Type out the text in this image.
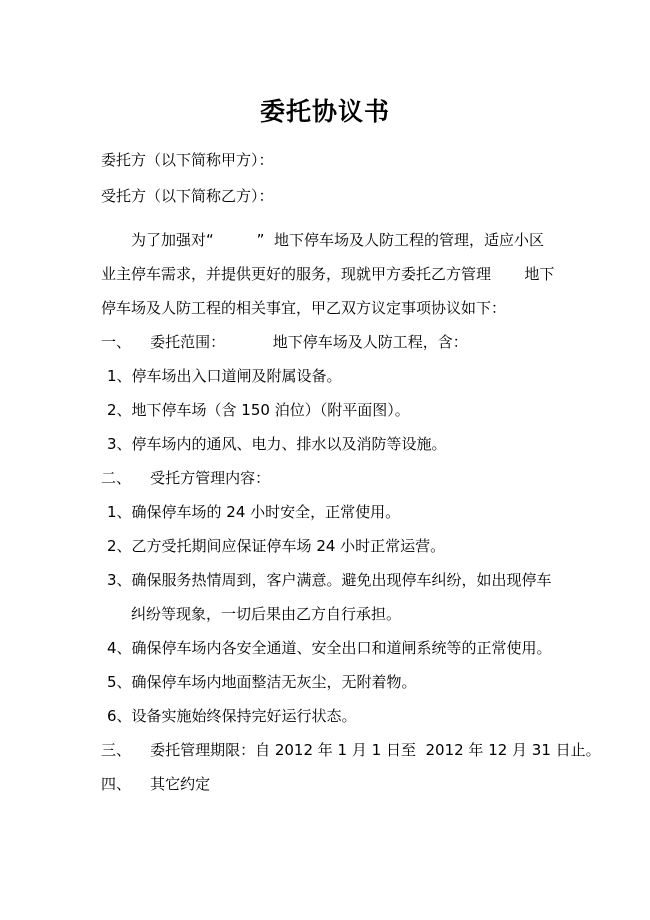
委托协议书
委托方（以下简称甲方）：
受托方（以下简称乙方）：
为了加强对“         ”  地下停车场及人防工程的管理，适应小区
业主停车需求，并提供更好的服务，现就甲方委托乙方管理       地下
停车场及人防工程的相关事宜，甲乙双方议定事项协议如下：
一、    委托范围：          地下停车场及人防工程，含：
1、停车场出入口道闸及附属设备。
2、地下停车场（含 150 泊位）（附平面图）。
3、停车场内的通风、电力、排水以及消防等设施。
二、    受托方管理内容：
1、确保停车场的 24 小时安全，正常使用。
2、乙方受托期间应保证停车场 24 小时正常运营。
3、确保服务热情周到，客户满意。避免出现停车纠纷，如出现停车
纠纷等现象，一切后果由乙方自行承担。
4、确保停车场内各安全通道、安全出口和道闸系统等的正常使用。
5、确保停车场内地面整洁无灰尘，无附着物。
6、设备实施始终保持完好运行状态。
三、    委托管理期限：自 2012 年 1 月 1 日至  2012 年 12 月 31 日止。
四、    其它约定
